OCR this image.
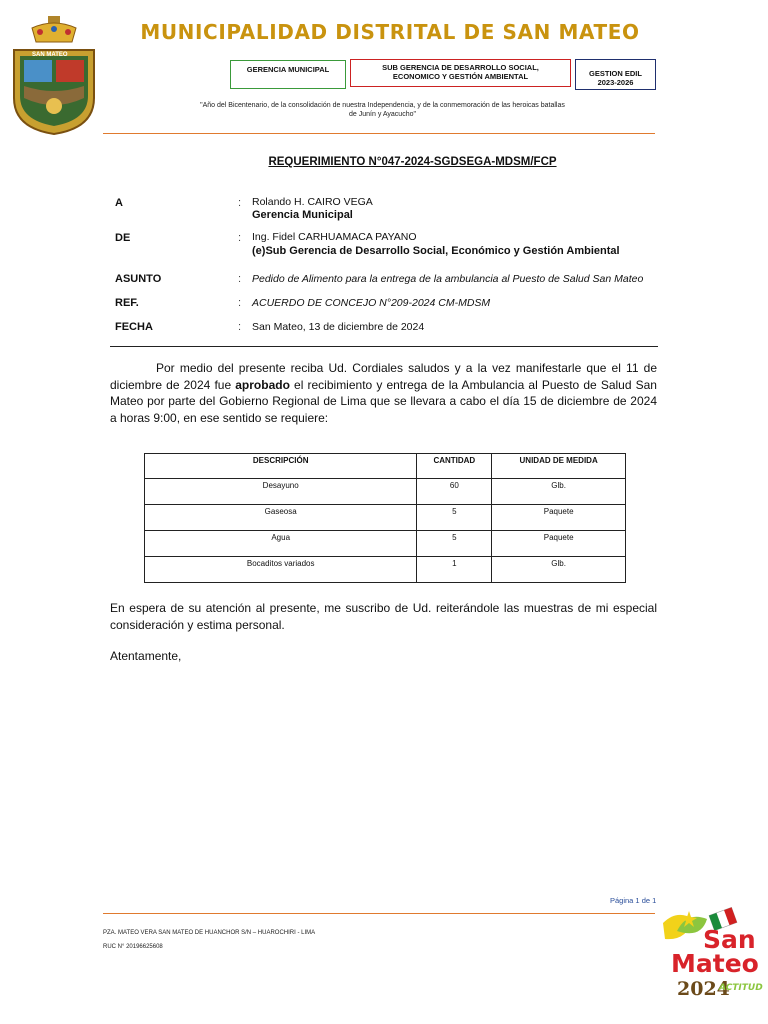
SAN MATEO
MUNICIPALIDAD DISTRITAL DE SAN MATEO
GERENCIA MUNICIPAL	SUB GERENCIA DE DESARROLLO SOCIAL, ECONOMICO Y GESTIÓN AMBIENTAL	GESTION EDIL
2023-2026
"Año del Bicentenario, de la consolidación de nuestra Independencia, y de la conmemoración de las heroicas batallas
de Junín y Ayacucho"
REQUERIMIENTO N°047-2024-SGDSEGA-MDSM/FCP
A	: Rolando H. CAIRO VEGA
Gerencia Municipal
DE	: Ing. Fidel CARHUAMACA PAYANO
(e)Sub Gerencia de Desarrollo Social, Económico y Gestión Ambiental
ASUNTO	: Pedido de Alimento para la entrega de la ambulancia al Puesto de Salud San Mateo
REF.	: ACUERDO DE CONCEJO N°209-2024 CM-MDSM
FECHA	: San Mateo, 13 de diciembre de 2024

Por medio del presente reciba Ud. Cordiales saludos y a la vez manifestarle que el 11 de diciembre de 2024 fue aprobado el recibimiento y entrega de la Ambulancia al Puesto de Salud San Mateo por parte del Gobierno Regional de Lima que se llevara a cabo el día 15 de diciembre de 2024 a horas 9:00, en ese sentido se requiere:

DESCRIPCIÓN	CANTIDAD	UNIDAD DE MEDIDA
Desayuno	60	Glb.
Gaseosa	5	Paquete
Agua	5	Paquete
Bocaditos variados	1	Glb.

En espera de su atención al presente, me suscribo de Ud. reiterándole las muestras de mi especial consideración y estima personal.

Atentamente,

Página 1 de 1
PZA. MATEO VERA SAN MATEO DE HUANCHOR S/N – HUAROCHIRI - LIMA
RUC N° 20196625608	San
Mateo
2024
ACTITUD
